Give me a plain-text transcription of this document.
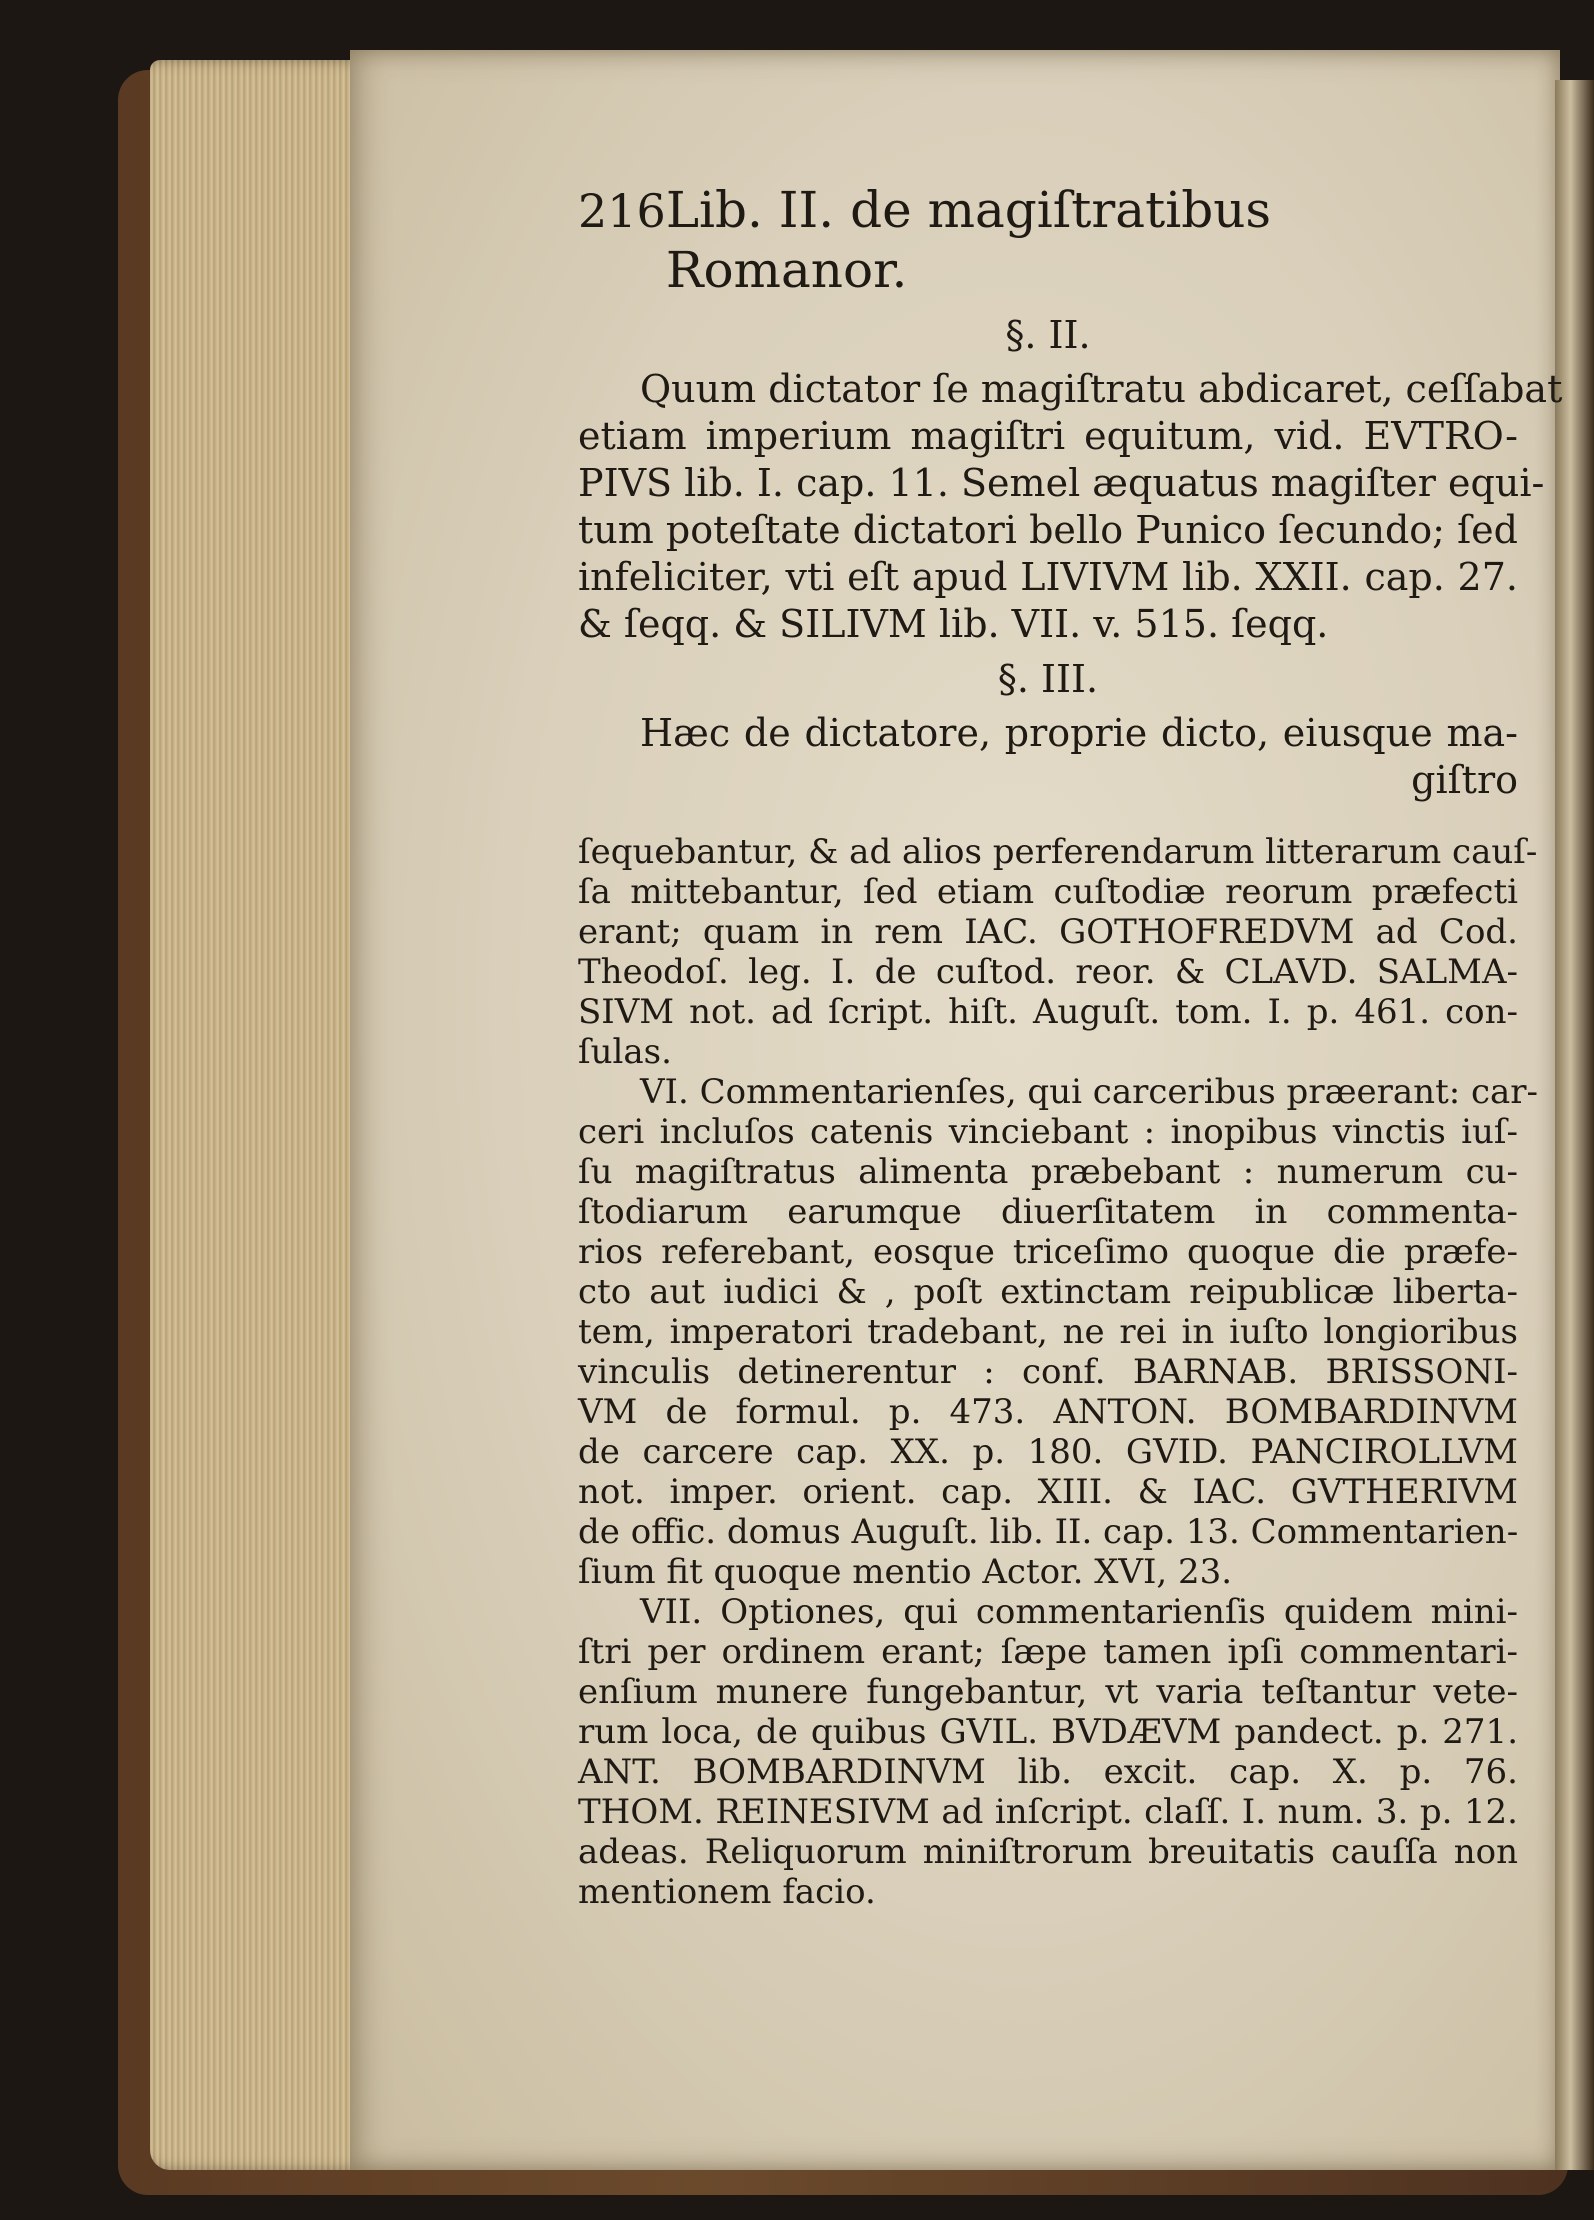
216 Lib. II. de magiſtratibus Romanor.
§. II.
Quum dictator ſe magiſtratu abdicaret, ceſſabat
etiam imperium magiſtri equitum, vid. EVTRO-
PIVS lib. I. cap. 11. Semel æquatus magiſter equi-
tum poteſtate dictatori bello Punico ſecundo; ſed
infeliciter, vti eſt apud LIVIVM lib. XXII. cap. 27.
& ſeqq. & SILIVM lib. VII. v. 515. ſeqq.
§. III.
Hæc de dictatore, proprie dicto, eiusque ma-

giſtro

ſequebantur, & ad alios perferendarum litterarum cauſ-
ſa mittebantur, ſed etiam cuſtodiæ reorum præfecti
erant; quam in rem IAC. GOTHOFREDVM ad Cod.
Theodoſ. leg. I. de cuſtod. reor. & CLAVD. SALMA-
SIVM not. ad ſcript. hiſt. Auguſt. tom. I. p. 461. con-
ſulas.
VI. Commentarienſes, qui carceribus præerant: car-
ceri incluſos catenis vinciebant : inopibus vinctis iuſ-
ſu magiſtratus alimenta præbebant : numerum cu-
ſtodiarum earumque diuerſitatem in commenta-
rios referebant, eosque triceſimo quoque die præfe-
cto aut iudici & , poſt extinctam reipublicæ liberta-
tem, imperatori tradebant, ne rei in iuſto longioribus
vinculis detinerentur : conf. BARNAB. BRISSONI-
VM de formul. p. 473. ANTON. BOMBARDINVM
de carcere cap. XX. p. 180. GVID. PANCIROLLVM
not. imper. orient. cap. XIII. & IAC. GVTHERIVM
de offic. domus Auguſt. lib. II. cap. 13. Commentarien-
ſium fit quoque mentio Actor. XVI, 23.
VII. Optiones, qui commentarienſis quidem mini-
ſtri per ordinem erant; ſæpe tamen ipſi commentari-
enſium munere fungebantur, vt varia teſtantur vete-
rum loca, de quibus GVIL. BVDÆVM pandect. p. 271.
ANT. BOMBARDINVM lib. excit. cap. X. p. 76.
THOM. REINESIVM ad inſcript. claſſ. I. num. 3. p. 12.
adeas. Reliquorum miniſtrorum breuitatis cauſſa non
mentionem facio.
